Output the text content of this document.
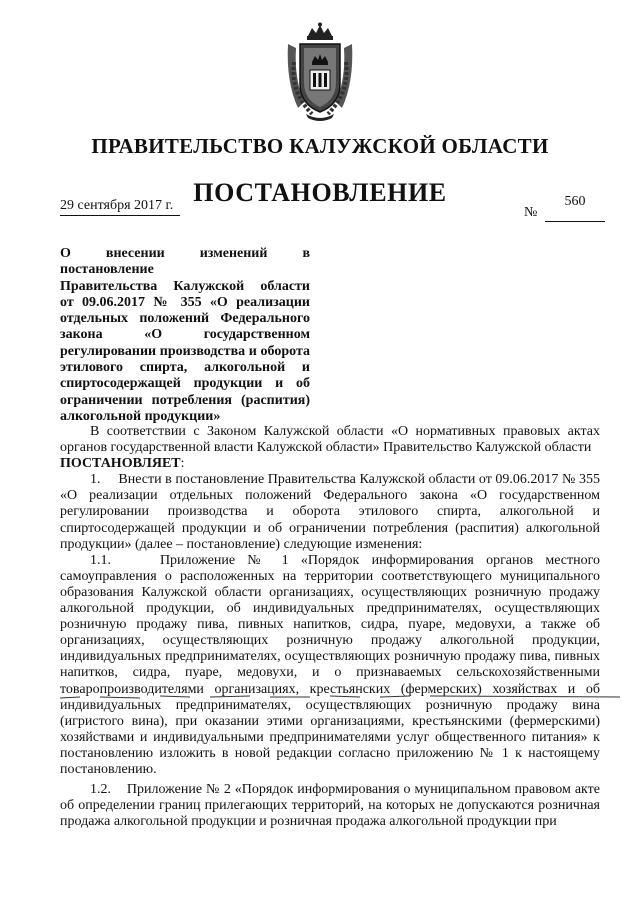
ПРАВИТЕЛЬСТВО КАЛУЖСКОЙ ОБЛАСТИ
ПОСТАНОВЛЕНИЕ
29 сентября 2017 г.	560
№
О внесении изменений в постановление
Правительства Калужской области
от 09.06.2017 № 355 «О реализации
отдельных положений Федерального
закона «О государственном
регулировании производства и оборота
этилового спирта, алкогольной и
спиртосодержащей продукции и об
ограничении потребления (распития)
алкогольной продукции»

В соответствии с Законом Калужской области «О нормативных правовых актах органов государственной власти Калужской области» Правительство Калужской области

ПОСТАНОВЛЯЕТ:

1. Внести в постановление Правительства Калужской области от 09.06.2017 № 355 «О реализации отдельных положений Федерального закона «О государственном регулировании производства и оборота этилового спирта, алкогольной и спиртосодержащей продукции и об ограничении потребления (распития) алкогольной продукции» (далее – постановление) следующие изменения:

1.1.	Приложение № 1 «Порядок информирования органов местного самоуправления о расположенных на территории соответствующего муниципального образования Калужской области организациях, осуществляющих розничную продажу алкогольной продукции, об индивидуальных предпринимателях, осуществляющих розничную продажу пива, пивных напитков, сидра, пуаре, медовухи, а также об организациях, осуществляющих розничную продажу алкогольной продукции, индивидуальных предпринимателях, осуществляющих розничную продажу пива, пивных напитков, сидра, пуаре, медовухи, и о признаваемых сельскохозяйственными товаропроизводителями организациях, крестьянских (фермерских) хозяйствах и об индивидуальных предпринимателях, осуществляющих розничную продажу вина (игристого вина), при оказании этими организациями, крестьянскими (фермерскими) хозяйствами и индивидуальными предпринимателями услуг общественного питания» к постановлению изложить в новой редакции согласно приложению № 1 к настоящему постановлению.

1.2. Приложение № 2 «Порядок информирования о муниципальном правовом акте об определении границ прилегающих территорий, на которых не допускаются розничная продажа алкогольной продукции и розничная продажа алкогольной продукции при
